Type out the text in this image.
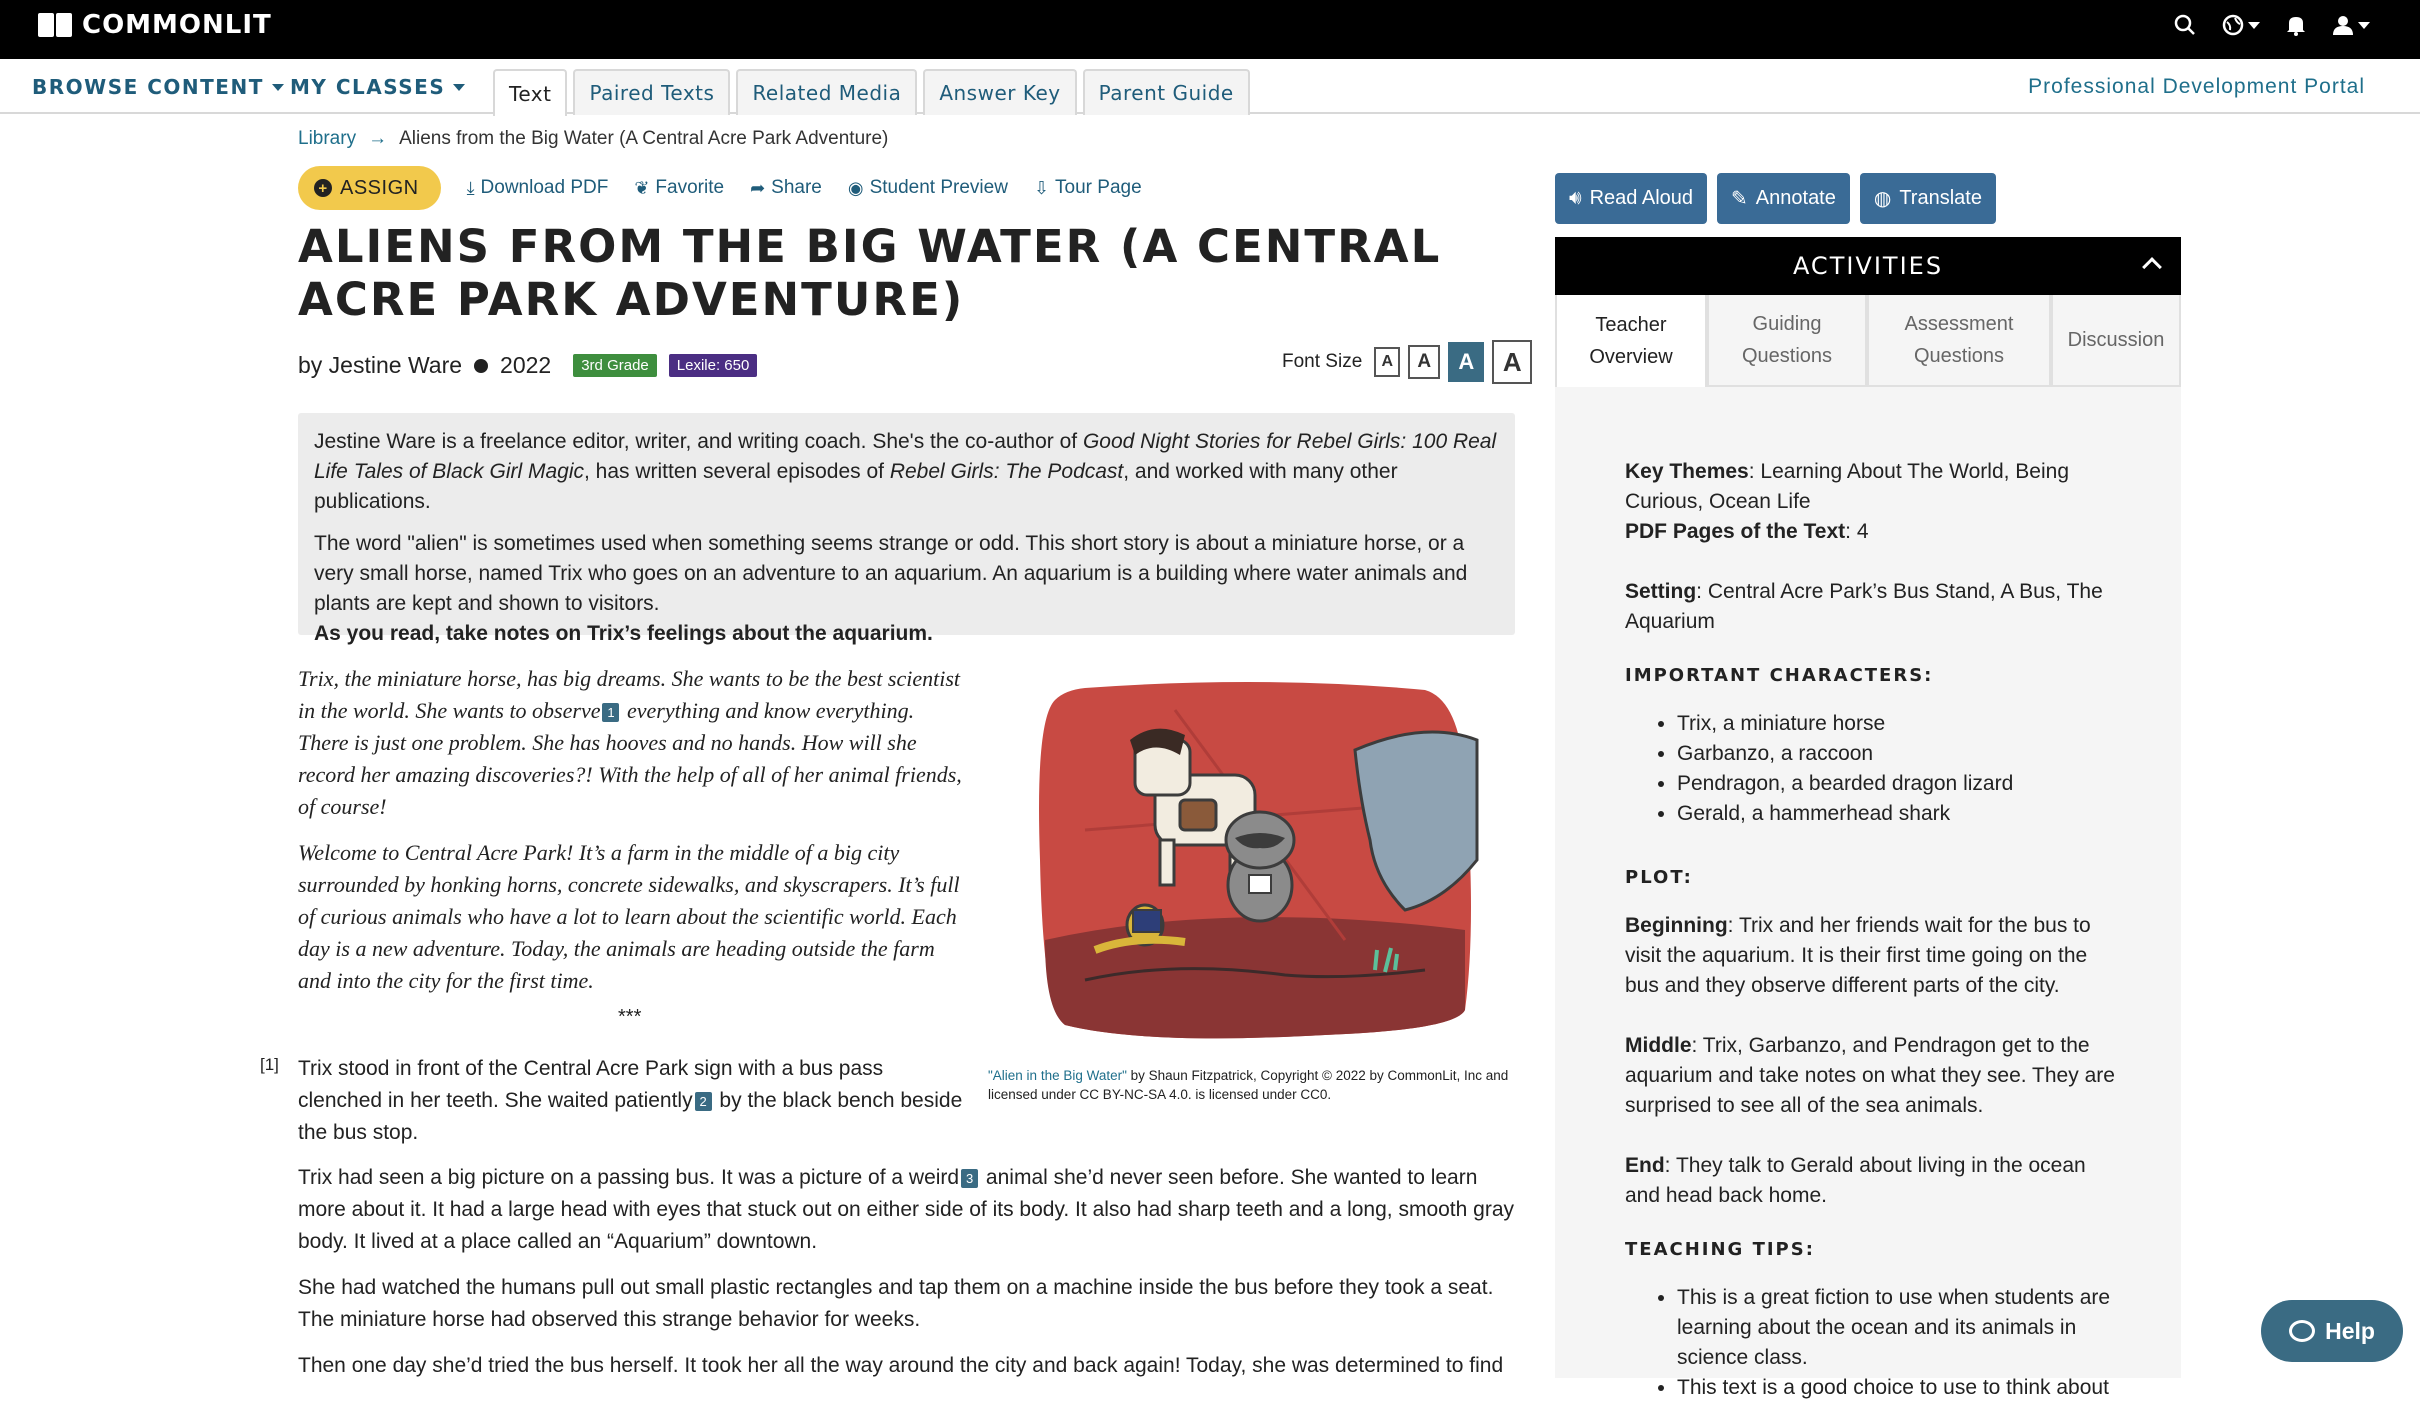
COMMONLIT
BROWSE CONTENT MY CLASSES	Text	Paired Texts	Related Media	Answer Key	Parent Guide	Professional Development Portal
Library → Aliens from the Big Water (A Central Acre Park Adventure)
+ ASSIGN	⤓ Download PDF ❦ Favorite ➦ Share ◉ Student Preview ⇩ Tour Page
ALIENS FROM THE BIG WATER (A CENTRAL ACRE PARK ADVENTURE)
by Jestine Ware 2022	3rd Grade	Lexile: 650	Font Size	A	A	A	A

Jestine Ware is a freelance editor, writer, and writing coach. She's the co-author of Good Night Stories for Rebel Girls: 100 Real Life Tales of Black Girl Magic, has written several episodes of Rebel Girls: The Podcast, and worked with many other publications.

The word "alien" is sometimes used when something seems strange or odd. This short story is about a miniature horse, or a very small horse, named Trix who goes on an adventure to an aquarium. An aquarium is a building where water animals and plants are kept and shown to visitors.
As you read, take notes on Trix’s feelings about the aquarium.

Trix, the miniature horse, has big dreams. She wants to be the best scientist in the world. She wants to observe 1 everything and know everything. There is just one problem. She has hooves and no hands. How will she record her amazing discoveries?! With the help of all of her animal friends, of course!

Welcome to Central Acre Park! It’s a farm in the middle of a big city surrounded by honking horns, concrete sidewalks, and skyscrapers. It’s full of curious animals who have a lot to learn about the scientific world. Each day is a new adventure. Today, the animals are heading outside the farm and into the city for the first time.

***
"Alien in the Big Water" by Shaun Fitzpatrick, Copyright © 2022 by CommonLit, Inc and licensed under CC BY-NC-SA 4.0. is licensed under CC0.
[1] Trix stood in front of the Central Acre Park sign with a bus pass clenched in her teeth. She waited patiently 2 by the black bench beside the bus stop.

Trix had seen a big picture on a passing bus. It was a picture of a weird 3 animal she’d never seen before. She wanted to learn more about it. It had a large head with eyes that stuck out on either side of its body. It also had sharp teeth and a long, smooth gray body. It lived at a place called an “Aquarium” downtown.

She had watched the humans pull out small plastic rectangles and tap them on a machine inside the bus before they took a seat. The miniature horse had observed this strange behavior for weeks.

Then one day she’d tried the bus herself. It took her all the way around the city and back again! Today, she was determined to find

🔊︎ Read Aloud ✎ Annotate ◍ Translate
ACTIVITIES
Teacher Overview
Guiding Questions
Assessment Questions
Discussion

Key Themes: Learning About The World, Being Curious, Ocean Life

PDF Pages of the Text: 4

Setting: Central Acre Park’s Bus Stand, A Bus, The Aquarium

IMPORTANT CHARACTERS:
• Trix, a miniature horse
• Garbanzo, a raccoon
• Pendragon, a bearded dragon lizard
• Gerald, a hammerhead shark
PLOT:

Beginning: Trix and her friends wait for the bus to visit the aquarium. It is their first time going on the bus and they observe different parts of the city.

Middle: Trix, Garbanzo, and Pendragon get to the aquarium and take notes on what they see. They are surprised to see all of the sea animals.

End: They talk to Gerald about living in the ocean and head back home.

TEACHING TIPS:
• This is a great fiction to use when students are learning about the ocean and its animals in science class.
• This text is a good choice to use to think about
Help
